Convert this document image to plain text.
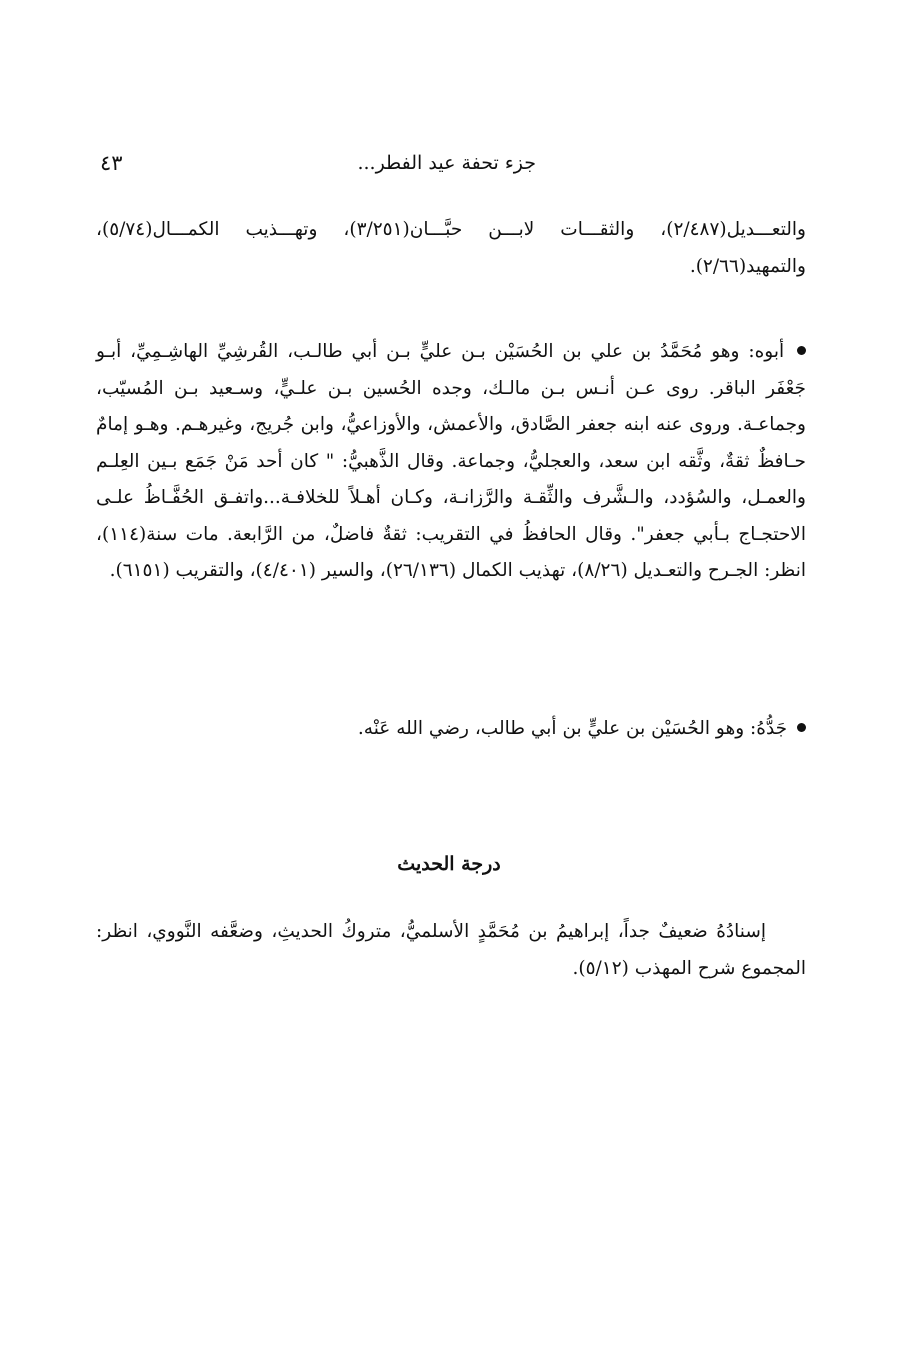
جزء تحفة عيد الفطر...
٤٣

والتعـــديل(٢/٤٨٧)، والثقـــات لابـــن حبَّـــان(٣/٢٥١)، وتهـــذيب الكمـــال(٥/٧٤)، والتمهيد(٢/٦٦).

أبوه: وهو مُحَمَّدُ بن علي بن الحُسَيْن بـن عليٍّ بـن أبي طالـب، القُرشِيِّ الهاشِـمِيِّ، أبـو جَعْفَر الباقر. روى عـن أنـس بـن مالـك، وجده الحُسين بـن علـيٍّ، وسـعيد بـن المُسيّب، وجماعـة. وروى عنه ابنه جعفر الصَّادق، والأعمش، والأوزاعيُّ، وابن جُريج، وغيرهـم. وهـو إمامٌ حـافظٌ ثقةٌ، وثَّقه ابن سعد، والعجليُّ، وجماعة. وقال الذَّهبيُّ: " كان أحد مَنْ جَمَع بـين العِلـم والعمـل، والسُؤدد، والـشَّرف والثِّقـة والرَّزانـة، وكـان أهـلاً للخلافـة...واتفـق الحُفَّـاظُ علـى الاحتجـاج بـأبي جعفر". وقال الحافظُ في التقريب: ثقةٌ فاضلٌ، من الرَّابعة. مات سنة(١١٤)، انظر: الجـرح والتعـديل (٨/٢٦)، تهذيب الكمال (٢٦/١٣٦)، والسير (٤/٤٠١)، والتقريب (٦١٥١).

جَدُّهُ: وهو الحُسَيْن بن عليٍّ بن أبي طالب، رضي الله عَنْه.

درجة الحديث

إسنادُهُ ضعيفٌ جداً، إبراهيمُ بن مُحَمَّدٍ الأسلميُّ، متروكُ الحديثِ، وضعَّفه النَّووي، انظر: المجموع شرح المهذب (٥/١٢).
